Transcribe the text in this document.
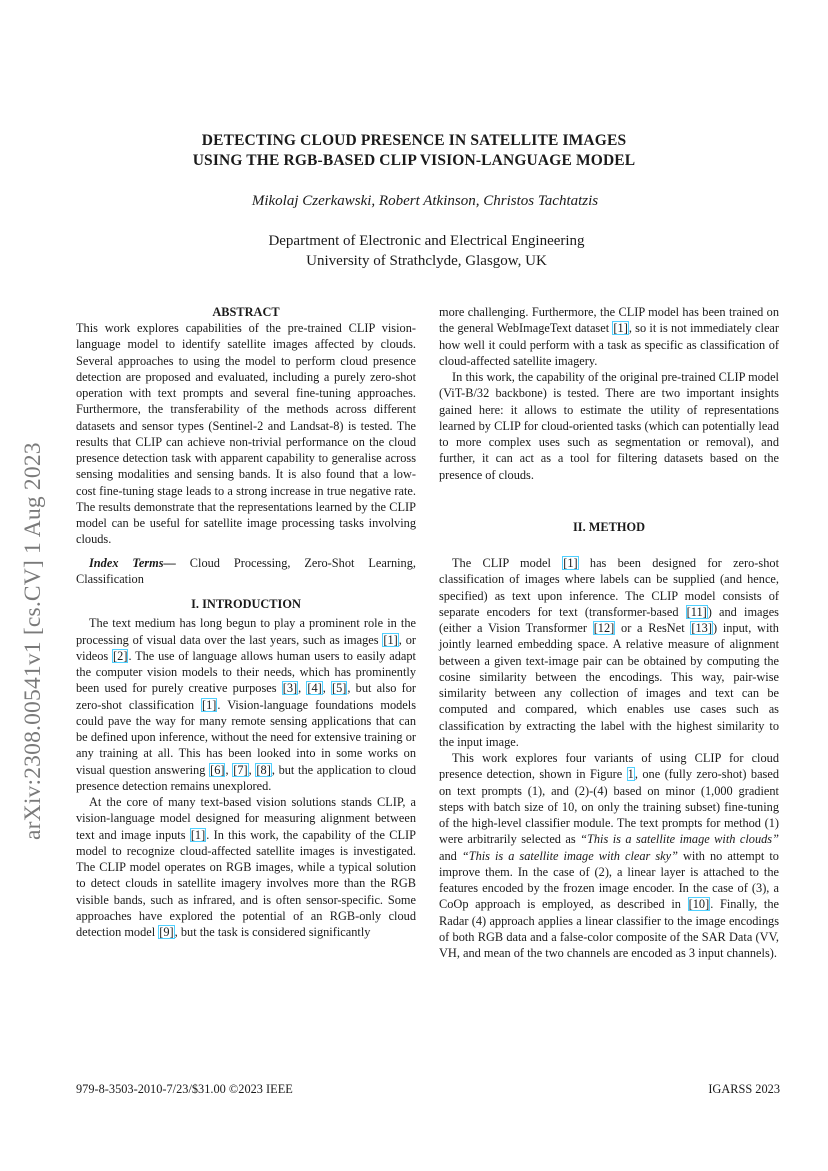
arXiv:2308.00541v1 [cs.CV] 1 Aug 2023
DETECTING CLOUD PRESENCE IN SATELLITE IMAGES
USING THE RGB-BASED CLIP VISION-LANGUAGE MODEL
Mikolaj Czerkawski, Robert Atkinson, Christos Tachtatzis
Department of Electronic and Electrical Engineering
University of Strathclyde, Glasgow, UK
ABSTRACT

This work explores capabilities of the pre-trained CLIP vision-language model to identify satellite images affected by clouds. Several approaches to using the model to perform cloud presence detection are proposed and evaluated, including a purely zero-shot operation with text prompts and several fine-tuning approaches. Furthermore, the transferability of the methods across different datasets and sensor types (Sentinel-2 and Landsat-8) is tested. The results that CLIP can achieve non-trivial performance on the cloud presence detection task with apparent capability to generalise across sensing modalities and sensing bands. It is also found that a low-cost fine-tuning stage leads to a strong increase in true negative rate. The results demonstrate that the representations learned by the CLIP model can be useful for satellite image processing tasks involving clouds.

Index Terms— Cloud Processing, Zero-Shot Learning, Classification

I. INTRODUCTION

The text medium has long begun to play a prominent role in the processing of visual data over the last years, such as images [1], or videos [2]. The use of language allows human users to easily adapt the computer vision models to their needs, which has prominently been used for purely creative purposes [3], [4], [5], but also for zero-shot classification [1]. Vision-language foundations models could pave the way for many remote sensing applications that can be defined upon inference, without the need for extensive training or any training at all. This has been looked into in some works on visual question answering [6], [7], [8], but the application to cloud presence detection remains unexplored.

At the core of many text-based vision solutions stands CLIP, a vision-language model designed for measuring alignment between text and image inputs [1]. In this work, the capability of the CLIP model to recognize cloud-affected satellite images is investigated. The CLIP model operates on RGB images, while a typical solution to detect clouds in satellite imagery involves more than the RGB visible bands, such as infrared, and is often sensor-specific. Some approaches have explored the potential of an RGB-only cloud detection model [9], but the task is considered significantly

more challenging. Furthermore, the CLIP model has been trained on the general WebImageText dataset [1], so it is not immediately clear how well it could perform with a task as specific as classification of cloud-affected satellite imagery.

In this work, the capability of the original pre-trained CLIP model (ViT-B/32 backbone) is tested. There are two important insights gained here: it allows to estimate the utility of representations learned by CLIP for cloud-oriented tasks (which can potentially lead to more complex uses such as segmentation or removal), and further, it can act as a tool for filtering datasets based on the presence of clouds.

II. METHOD

The CLIP model [1] has been designed for zero-shot classification of images where labels can be supplied (and hence, specified) as text upon inference. The CLIP model consists of separate encoders for text (transformer-based [11]) and images (either a Vision Transformer [12] or a ResNet [13]) input, with jointly learned embedding space. A relative measure of alignment between a given text-image pair can be obtained by computing the cosine similarity between the encodings. This way, pair-wise similarity between any collection of images and text can be computed and compared, which enables use cases such as classification by extracting the label with the highest similarity to the input image.

This work explores four variants of using CLIP for cloud presence detection, shown in Figure 1, one (fully zero-shot) based on text prompts (1), and (2)-(4) based on minor (1,000 gradient steps with batch size of 10, on only the training subset) fine-tuning of the high-level classifier module. The text prompts for method (1) were arbitrarily selected as “This is a satellite image with clouds” and “This is a satellite image with clear sky” with no attempt to improve them. In the case of (2), a linear layer is attached to the features encoded by the frozen image encoder. In the case of (3), a CoOp approach is employed, as described in [10]. Finally, the Radar (4) approach applies a linear classifier to the image encodings of both RGB data and a false-color composite of the SAR Data (VV, VH, and mean of the two channels are encoded as 3 input channels).

979-8-3503-2010-7/23/$31.00 ©2023 IEEE	IGARSS 2023
